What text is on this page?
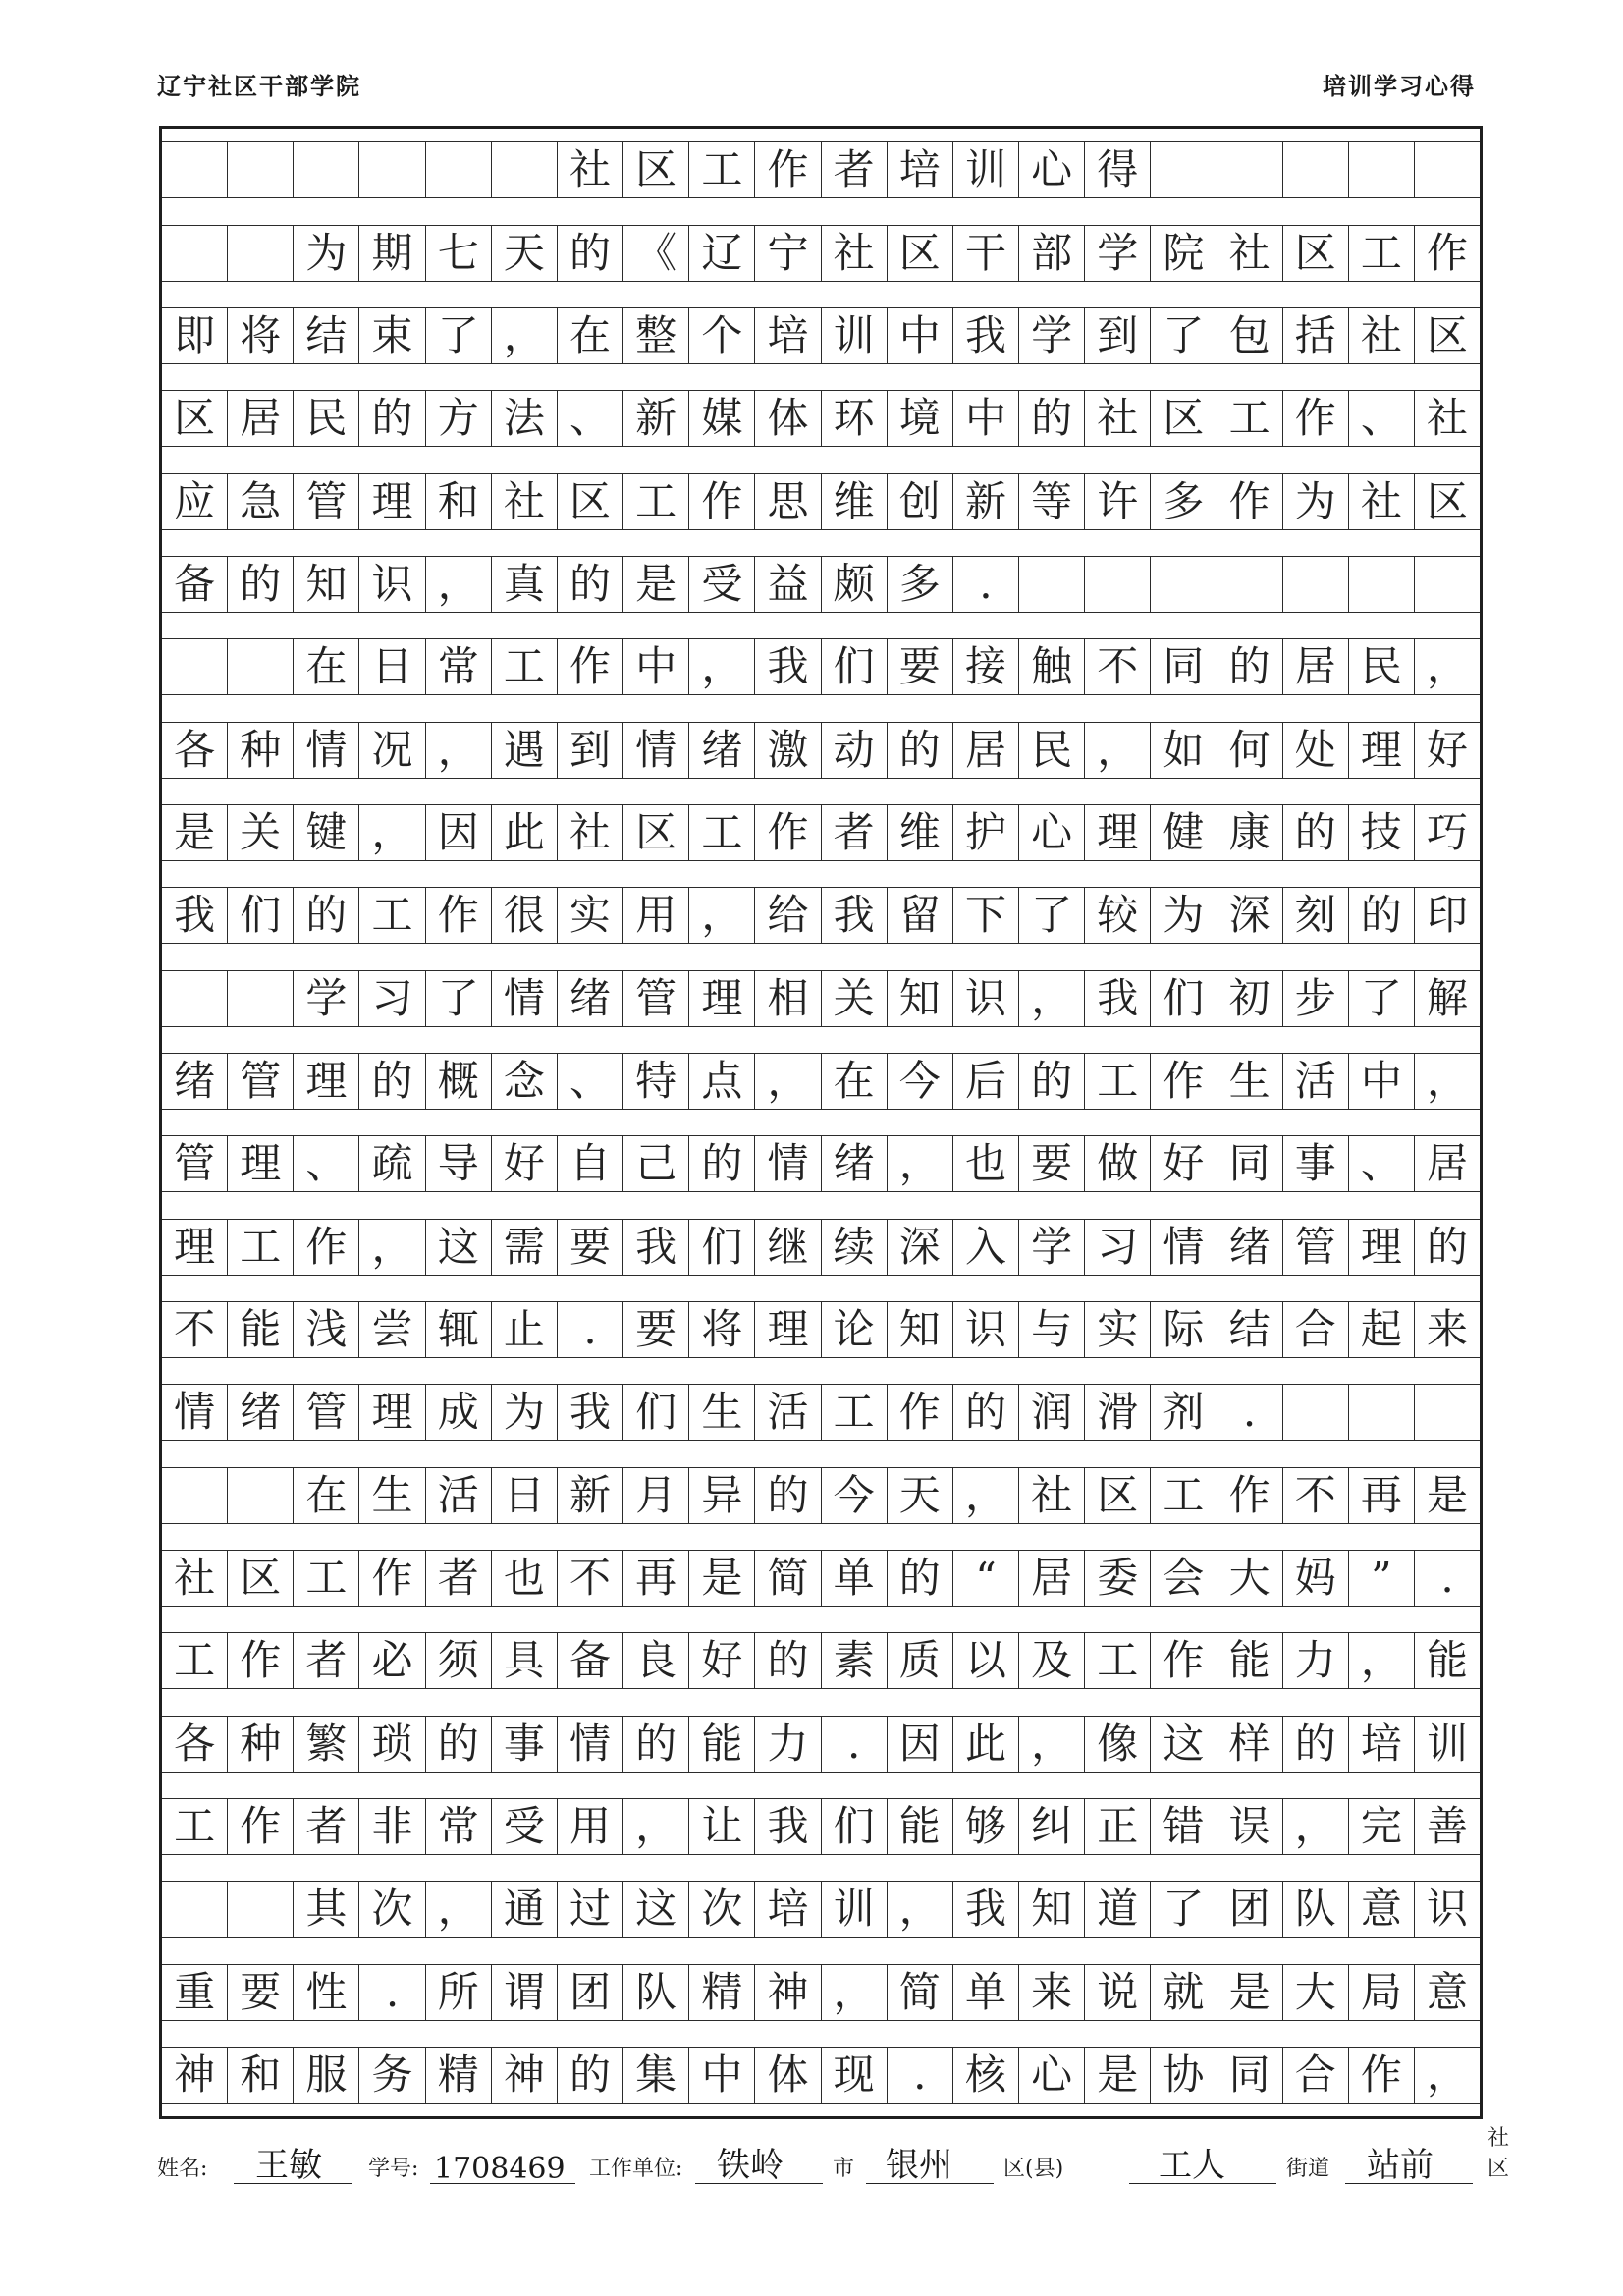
辽宁社区干部学院	培训学习心得
社 区 工 作 者 培 训 心 得
为 期 七 天 的 《 辽 宁 社 区 干 部 学 院 社 区 工 作
即 将 结 束 了 ， 在 整 个 培 训 中 我 学 到 了 包 括 社 区
区 居 民 的 方 法 、 新 媒 体 环 境 中 的 社 区 工 作 、 社
应 急 管 理 和 社 区 工 作 思 维 创 新 等 许 多 作 为 社 区
备 的 知 识 ， 真 的 是 受 益 颇 多 .
在 日 常 工 作 中 ， 我 们 要 接 触 不 同 的 居 民 ，
各 种 情 况 ， 遇 到 情 绪 激 动 的 居 民 ， 如 何 处 理 好
是 关 键 ， 因 此 社 区 工 作 者 维 护 心 理 健 康 的 技 巧
我 们 的 工 作 很 实 用 ， 给 我 留 下 了 较 为 深 刻 的 印
学 习 了 情 绪 管 理 相 关 知 识 ， 我 们 初 步 了 解
绪 管 理 的 概 念 、 特 点 ， 在 今 后 的 工 作 生 活 中 ，
管 理 、 疏 导 好 自 己 的 情 绪 ， 也 要 做 好 同 事 、 居
理 工 作 ， 这 需 要 我 们 继 续 深 入 学 习 情 绪 管 理 的
不 能 浅 尝 辄 止 . 要 将 理 论 知 识 与 实 际 结 合 起 来
情 绪 管 理 成 为 我 们 生 活 工 作 的 润 滑 剂 .
在 生 活 日 新 月 异 的 今 天 ， 社 区 工 作 不 再 是
社 区 工 作 者 也 不 再 是 简 单 的 “ 居 委 会 大 妈 ”	.
工 作 者 必 须 具 备 良 好 的 素 质 以 及 工 作 能 力 ， 能
各 种 繁 琐 的 事 情 的 能 力 . 因 此 ， 像 这 样 的 培 训
工 作 者 非 常 受 用 ， 让 我 们 能 够 纠 正 错 误 ， 完 善
其 次 ， 通 过 这 次 培 训 ， 我 知 道 了 团 队 意 识
重 要 性 . 所 谓 团 队 精 神 ， 简 单 来 说 就 是 大 局 意
神 和 服 务 精 神 的 集 中 体 现 . 核 心 是 协 同 合 作 ，
姓名: 王敏 学号: 1708469 工作单位: 铁岭 市 银州 区(县)	工人	街道 站前
社区
